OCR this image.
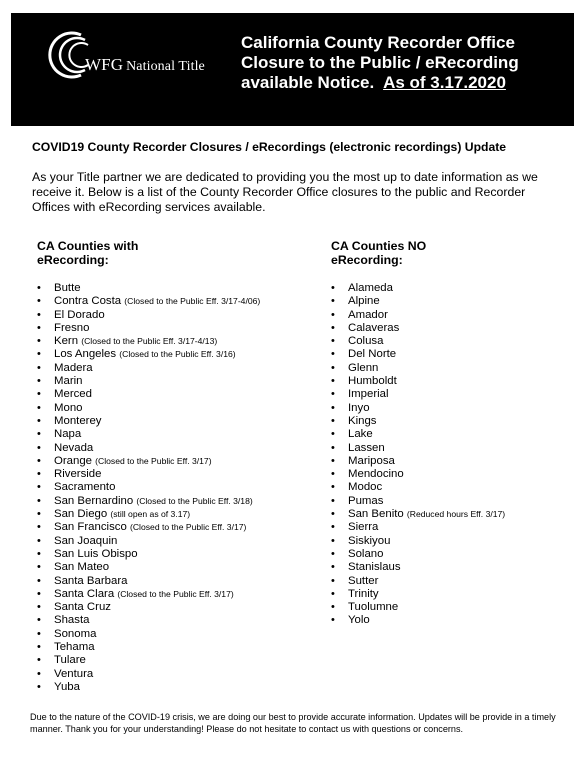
WFG National Title
California County Recorder Office
Closure to the Public / eRecording
available Notice. As of 3.17.2020
COVID19 County Recorder Closures / eRecordings (electronic recordings) Update
As your Title partner we are dedicated to providing you the most up to date information as we receive it. Below is a list of the County Recorder Office closures to the public and Recorder Offices with eRecording services available.
CA Counties with
eRecording:
CA Counties NO
eRecording:
• Butte
• Contra Costa (Closed to the Public Eff. 3/17-4/06)
• El Dorado
• Fresno
• Kern (Closed to the Public Eff. 3/17-4/13)
• Los Angeles (Closed to the Public Eff. 3/16)
• Madera
• Marin
• Merced
• Mono
• Monterey
• Napa
• Nevada
• Orange (Closed to the Public Eff. 3/17)
• Riverside
• Sacramento
• San Bernardino (Closed to the Public Eff. 3/18)
• San Diego (still open as of 3.17)
• San Francisco (Closed to the Public Eff. 3/17)
• San Joaquin
• San Luis Obispo
• San Mateo
• Santa Barbara
• Santa Clara (Closed to the Public Eff. 3/17)
• Santa Cruz
• Shasta
• Sonoma
• Tehama
• Tulare
• Ventura
• Yuba
• Alameda
• Alpine
• Amador
• Calaveras
• Colusa
• Del Norte
• Glenn
• Humboldt
• Imperial
• Inyo
• Kings
• Lake
• Lassen
• Mariposa
• Mendocino
• Modoc
• Pumas
• San Benito (Reduced hours Eff. 3/17)
• Sierra
• Siskiyou
• Solano
• Stanislaus
• Sutter
• Trinity
• Tuolumne
• Yolo
Due to the nature of the COVID-19 crisis, we are doing our best to provide accurate information. Updates will be provide in a timely manner. Thank you for your understanding! Please do not hesitate to contact us with questions or concerns.
